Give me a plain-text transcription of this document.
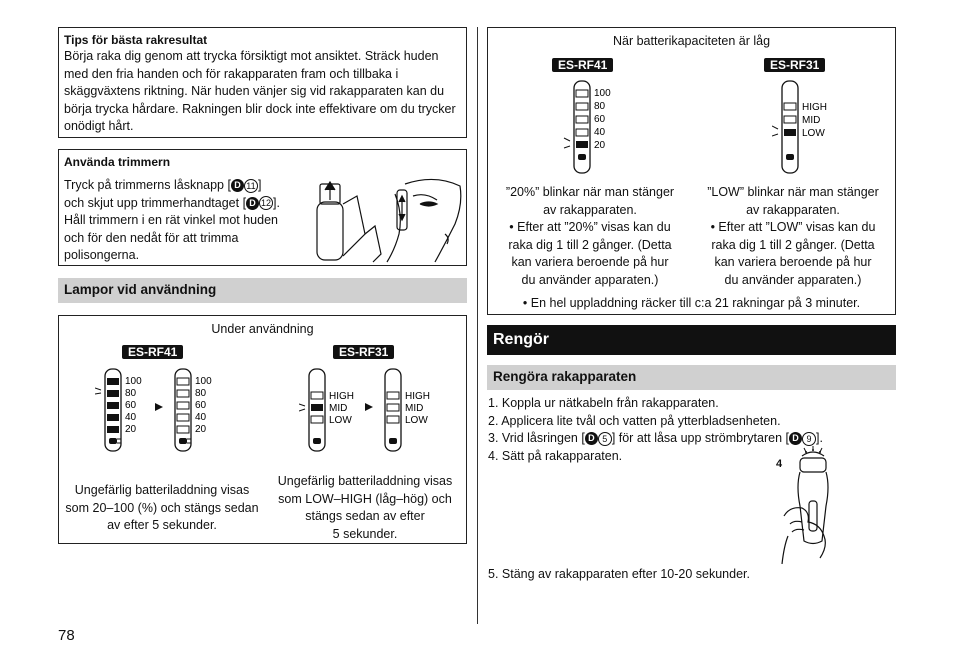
Tips för bästa rakresultat
Börja raka dig genom att trycka försiktigt mot ansiktet. Sträck huden med den fria handen och för rakapparaten fram och tillbaka i skäggväxtens riktning. När huden vänjer sig vid rakapparaten kan du börja trycka hårdare. Rakningen blir dock inte effektivare om du trycker onödigt hårt.
Använda trimmern
Tryck på trimmerns låsknapp [ D 11 ]
och skjut upp trimmerhandtaget [ D 12 ].
Håll trimmern i en rät vinkel mot huden
och för den nedåt för att trimma
polisongerna.
Lampor vid användning
Under användning
ES-RF41	ES-RF31
100
80
60
40
20
100
80
60
40
20
HIGH
MID
LOW
HIGH
MID
LOW
Ungefärlig batteriladdning visas som 20–100 (%) och stängs sedan av efter 5 sekunder.
Ungefärlig batteriladdning visas
som LOW–HIGH (låg–hög) och
stängs sedan av efter
5 sekunder.
78
När batterikapaciteten är låg
ES-RF41	ES-RF31
100
80
60
40
20
HIGH
MID
LOW
”20%” blinkar när man stänger
av rakapparaten.
• Efter att ”20%” visas kan du
raka dig 1 till 2 gånger. (Detta
kan variera beroende på hur
du använder apparaten.)
”LOW” blinkar när man stänger
av rakapparaten.
• Efter att ”LOW” visas kan du
raka dig 1 till 2 gånger. (Detta
kan variera beroende på hur
du använder apparaten.)
• En hel uppladdning räcker till c:a 21 rakningar på 3 minuter.
Rengör
Rengöra rakapparaten
1. Koppla ur nätkabeln från rakapparaten.
2. Applicera lite tvål och vatten på ytterbladsenheten.
3. Vrid låsringen [ D 5 ] för att låsa upp strömbrytaren [ D 9 ].
4. Sätt på rakapparaten.
4
5. Stäng av rakapparaten efter 10-20 sekunder.
